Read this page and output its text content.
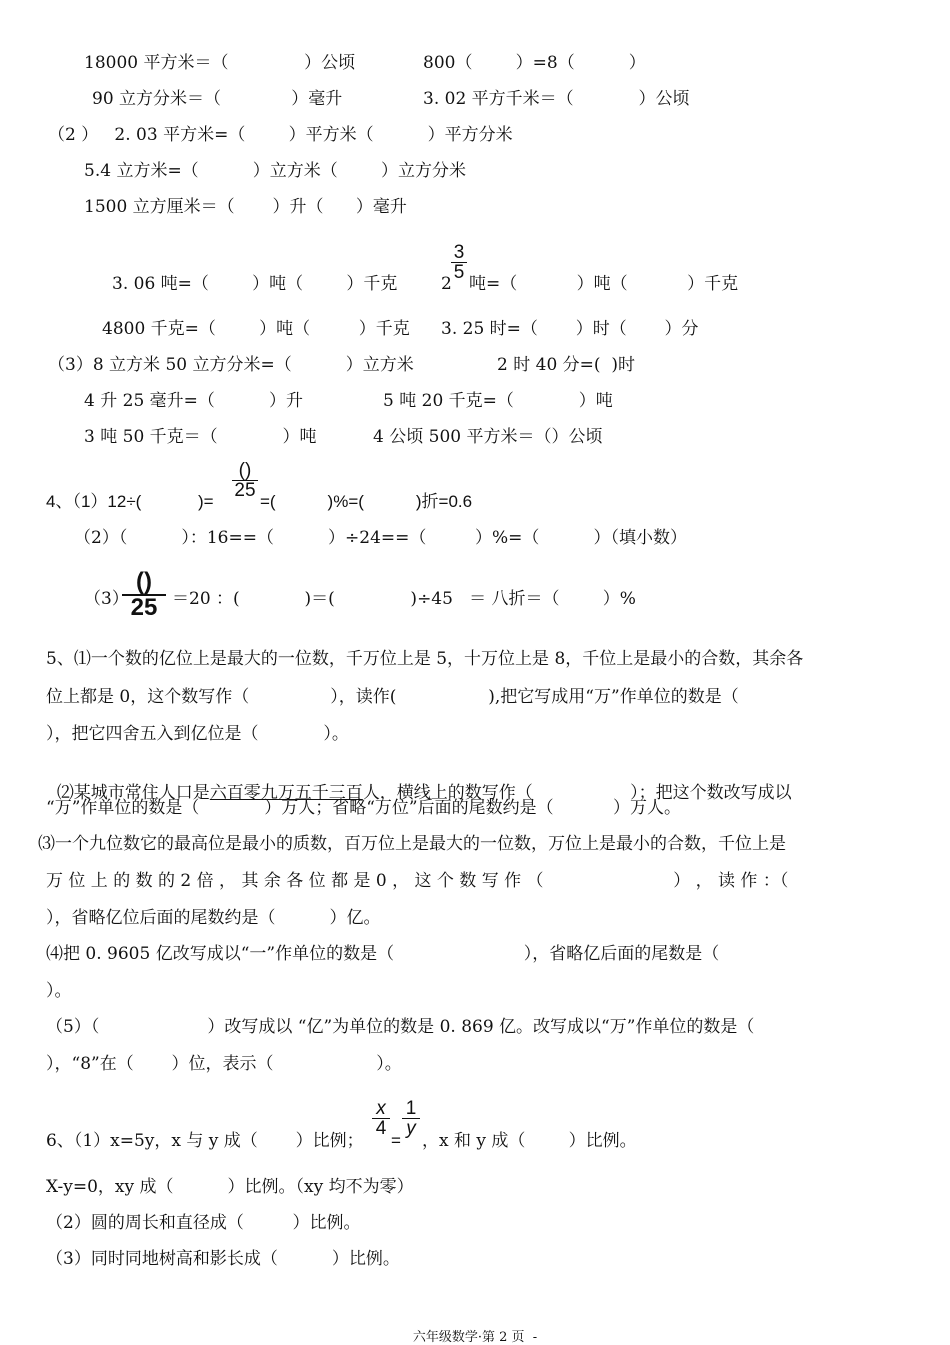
18000 平方米＝（              ）公顷	800（        ）=8（          ）
90 立方分米＝（             ）毫升	3. 02 平方千米＝（            ）公顷
（2 ）   2. 03 平方米=（        ）平方米（          ）平方分米
5.4 立方米=（          ）立方米（        ）立方分米
1500 立方厘米＝（       ）升（      ）毫升
3. 06 吨=（        ）吨（        ）千克	2
3
5
吨=（           ）吨（           ）千克
4800 千克=（        ）吨（         ）千克 3. 25 时=（       ）时（       ）分
（3）8 立方米 50 立方分米=（          ）立方米	2 时 40 分=(  )时
4 升 25 毫升=（          ）升	5 吨 20 千克=（            ）吨
3 吨 50 千克＝（            ）吨	4 公顷 500 平方米＝（）公顷
4、（1）12÷(            )=
()
25
=(           )%=(           )折=0.6
（2）（          ）：16==（          ）÷24==（         ）%=（          ）（填小数）
（3）
()
25 ＝20 ：(            )＝(              )÷45   ＝ 八折＝（        ）%
5、⑴一个数的亿位上是最大的一位数，千万位上是 5，十万位上是 8，千位上是最小的合数，其余各
位上都是 0，这个数写作（               ），读作(                 ),把它写成用“万”作单位的数是（
），把它四舍五入到亿位是（            ）。

⑵某城市常住人口是六百零九万五千三百人，横线上的数写作（                  ）；把这个数改写成以

“万”作单位的数是（            ）万人；省略“万位”后面的尾数约是（           ）万人。
⑶一个九位数它的最高位是最小的质数，百万位上是最大的一位数，万位上是最小的合数，千位上是
万 位 上 的 数 的 2 倍 ， 其 余 各 位 都 是 0 ， 这 个 数 写 作 （                        ） ， 读 作 ：（
），省略亿位后面的尾数约是（          ）亿。
⑷把 0. 9605 亿改写成以“一”作单位的数是（                        ），省略亿后面的尾数是（
）。
（5）（                    ）改写成以 “亿”为单位的数是 0. 869 亿。改写成以“万”作单位的数是（
），“8”在（       ）位，表示（                   ）。
6、（1）x=5y，x 与 y 成（       ）比例；
x
4
=
1
y
，x 和 y 成（        ）比例。
X-y=0，xy 成（          ）比例。（xy 均不为零）
（2）圆的周长和直径成（         ）比例。
（3）同时同地树高和影长成（          ）比例。
六年级数学·第 2 页  -
